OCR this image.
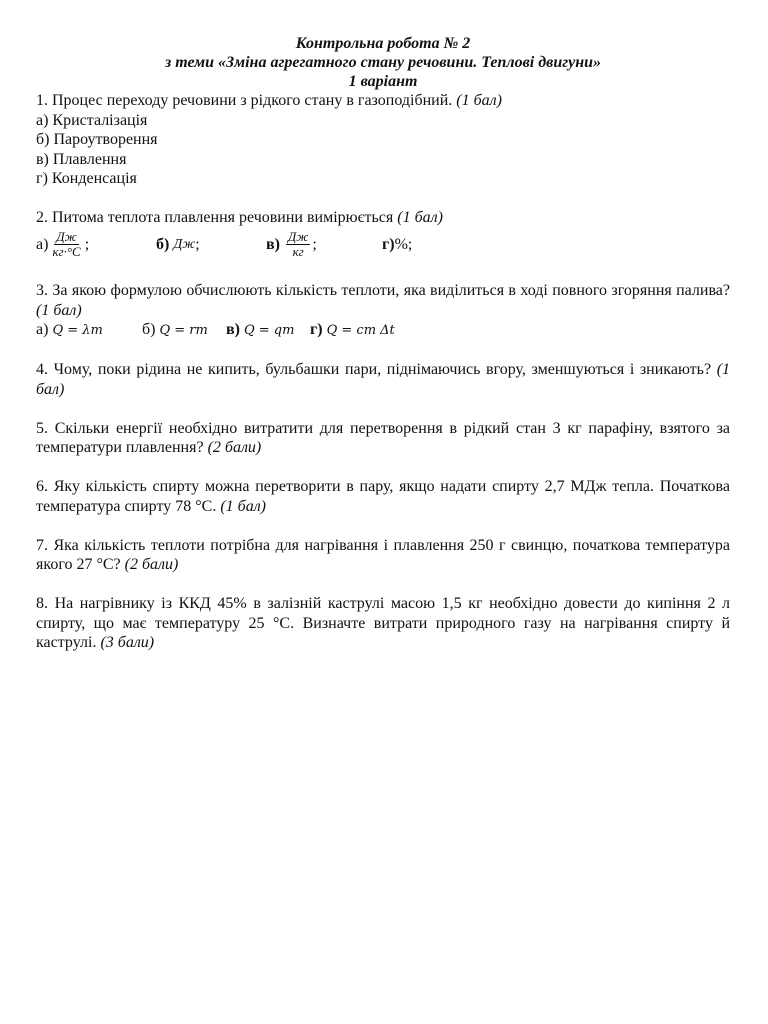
Контрольна робота № 2
з теми «Зміна агрегатного стану речовини. Теплові двигуни»
1 варіант

1. Процес переходу речовини з рідкого стану в газоподібний. (1 бал)

а) Кристалізація
б) Пароутворення
в) Плавлення
г) Конденсація

2. Питома теплота плавлення речовини вимірюється (1 бал)

$а) \frac{Дж}{кг\cdot^\circ C}$ ;	б)
Дж ;	в)
$\frac{Дж}{кг}$ ;	г) %;

3. За якою формулою обчислюють кількість теплоти, яка виділиться в ході повного згоряння палива? (1 бал)

а) Q = λm	б) Q = rm	в) Q = qm г) Q = cm Δt

4. Чому, поки рідина не кипить, бульбашки пари, піднімаючись вгору, зменшуються і зникають? (1 бал)

5. Скільки енергії необхідно витратити для перетворення в рідкий стан 3 кг парафіну, взятого за температури плавлення? (2 бали)

6. Яку кількість спирту можна перетворити в пару, якщо надати спирту 2,7 МДж тепла. Початкова температура спирту 78 °С. (1 бал)

7. Яка кількість теплоти потрібна для нагрівання і плавлення 250 г свинцю, початкова температура якого 27 °С? (2 бали)

8. На нагрівнику із ККД 45% в залізній каструлі масою 1,5 кг необхідно довести до кипіння 2 л спирту, що має температуру 25 °С. Визначте витрати природного газу на нагрівання спирту й каструлі. (3 бали)
